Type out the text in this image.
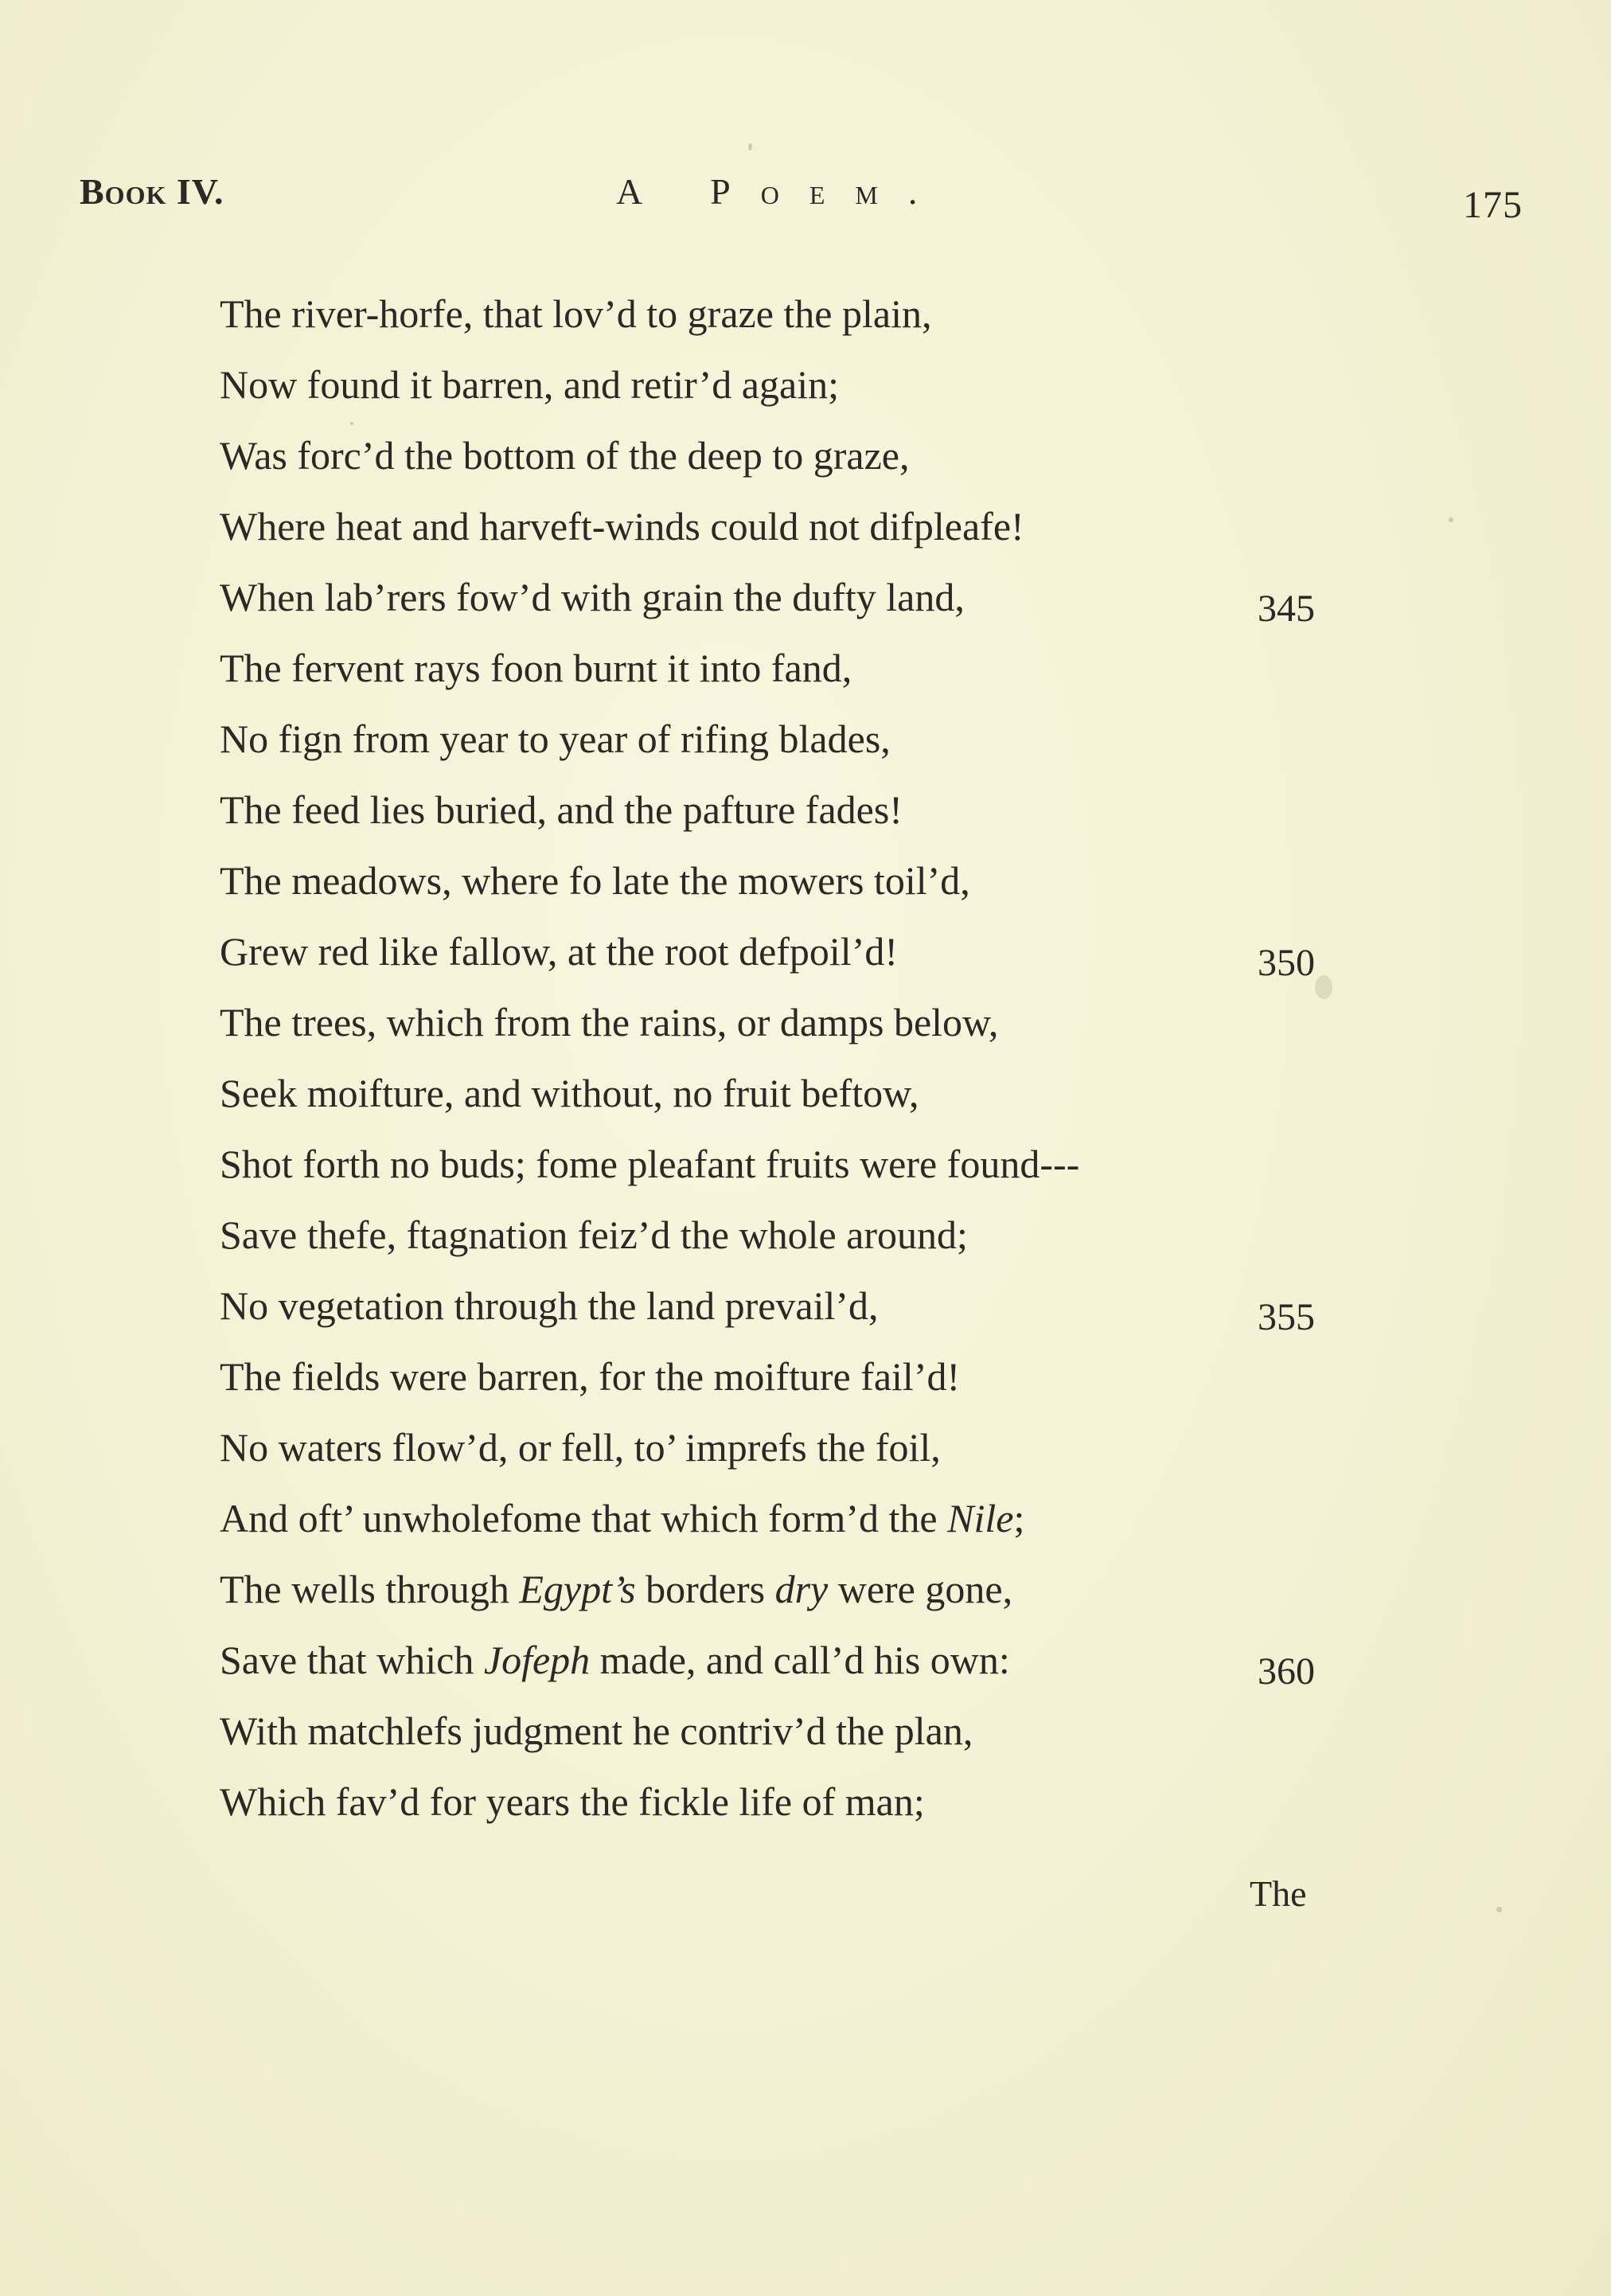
Book IV.	A Poem.	175
The river-horfe, that lov’d to graze the plain,
Now found it barren, and retir’d again;
Was forc’d the bottom of the deep to graze,
Where heat and harveft-winds could not difpleafe!
When lab’rers fow’d with grain the dufty land,	345
The fervent rays foon burnt it into fand,
No fign from year to year of rifing blades,
The feed lies buried, and the pafture fades!
The meadows, where fo late the mowers toil’d,
Grew red like fallow, at the root defpoil’d!	350
The trees, which from the rains, or damps below,
Seek moifture, and without, no fruit beftow,
Shot forth no buds; fome pleafant fruits were found---
Save thefe, ftagnation feiz’d the whole around;
No vegetation through the land prevail’d,	355
The fields were barren, for the moifture fail’d!
No waters flow’d, or fell, to’ imprefs the foil,
And oft’ unwholefome that which form’d the Nile;
The wells through Egypt’s borders dry were gone,
Save that which Jofeph made, and call’d his own:	360
With matchlefs judgment he contriv’d the plan,
Which fav’d for years the fickle life of man;
The
